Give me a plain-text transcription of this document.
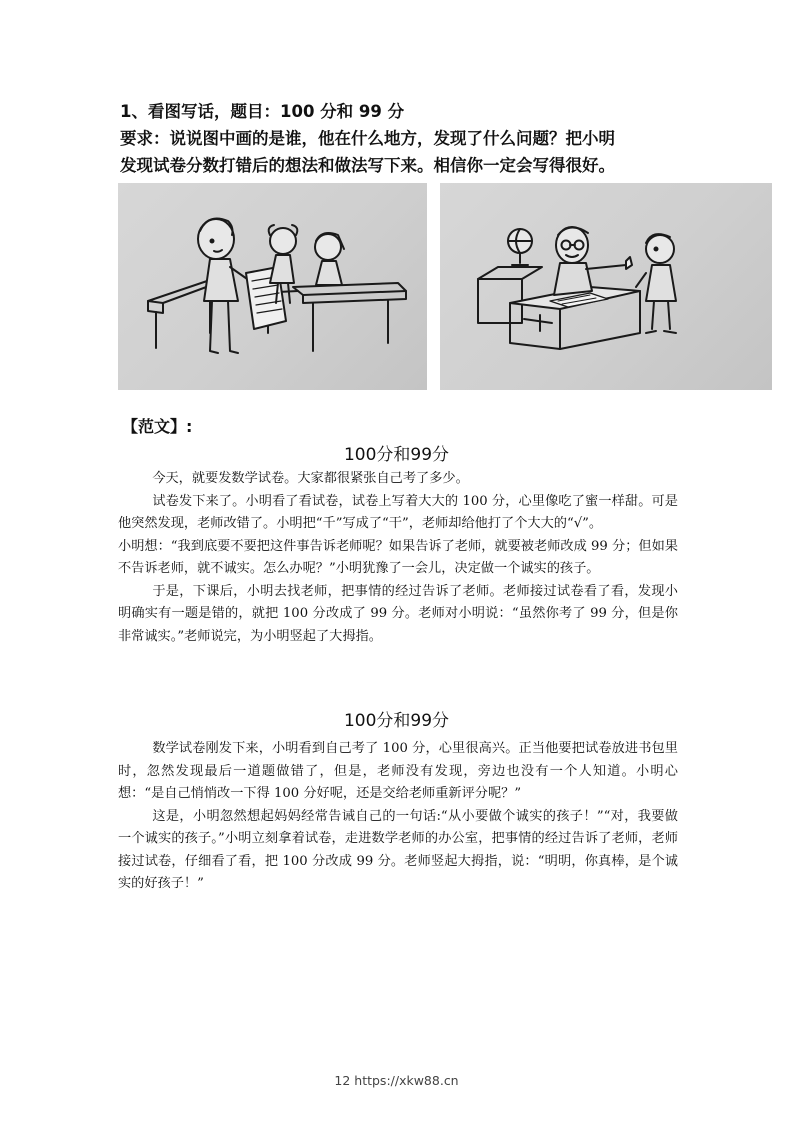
1、看图写话，题目：100 分和 99 分
要求：说说图中画的是谁，他在什么地方，发现了什么问题？把小明
发现试卷分数打错后的想法和做法写下来。相信你一定会写得很好。
【范文】:
100分和99分

今天，就要发数学试卷。大家都很紧张自己考了多少。

试卷发下来了。小明看了看试卷，试卷上写着大大的 100 分，心里像吃了蜜一样甜。可是他突然发现，老师改错了。小明把“千”写成了“干”，老师却给他打了个大大的“√”。

小明想：“我到底要不要把这件事告诉老师呢？如果告诉了老师，就要被老师改成 99 分；但如果不告诉老师，就不诚实。怎么办呢？”小明犹豫了一会儿，决定做一个诚实的孩子。

于是，下课后，小明去找老师，把事情的经过告诉了老师。老师接过试卷看了看，发现小明确实有一题是错的，就把 100 分改成了 99 分。老师对小明说：“虽然你考了 99 分，但是你非常诚实。”老师说完，为小明竖起了大拇指。

100分和99分

数学试卷刚发下来，小明看到自己考了 100 分，心里很高兴。正当他要把试卷放进书包里时，忽然发现最后一道题做错了，但是，老师没有发现，旁边也没有一个人知道。小明心想：“是自己悄悄改一下得 100 分好呢，还是交给老师重新评分呢？”

这是，小明忽然想起妈妈经常告诫自己的一句话:“从小要做个诚实的孩子！”“对，我要做一个诚实的孩子。”小明立刻拿着试卷，走进数学老师的办公室，把事情的经过告诉了老师，老师接过试卷，仔细看了看，把 100 分改成 99 分。老师竖起大拇指，说：“明明，你真棒，是个诚实的好孩子！”

12 https://xkw88.cn
